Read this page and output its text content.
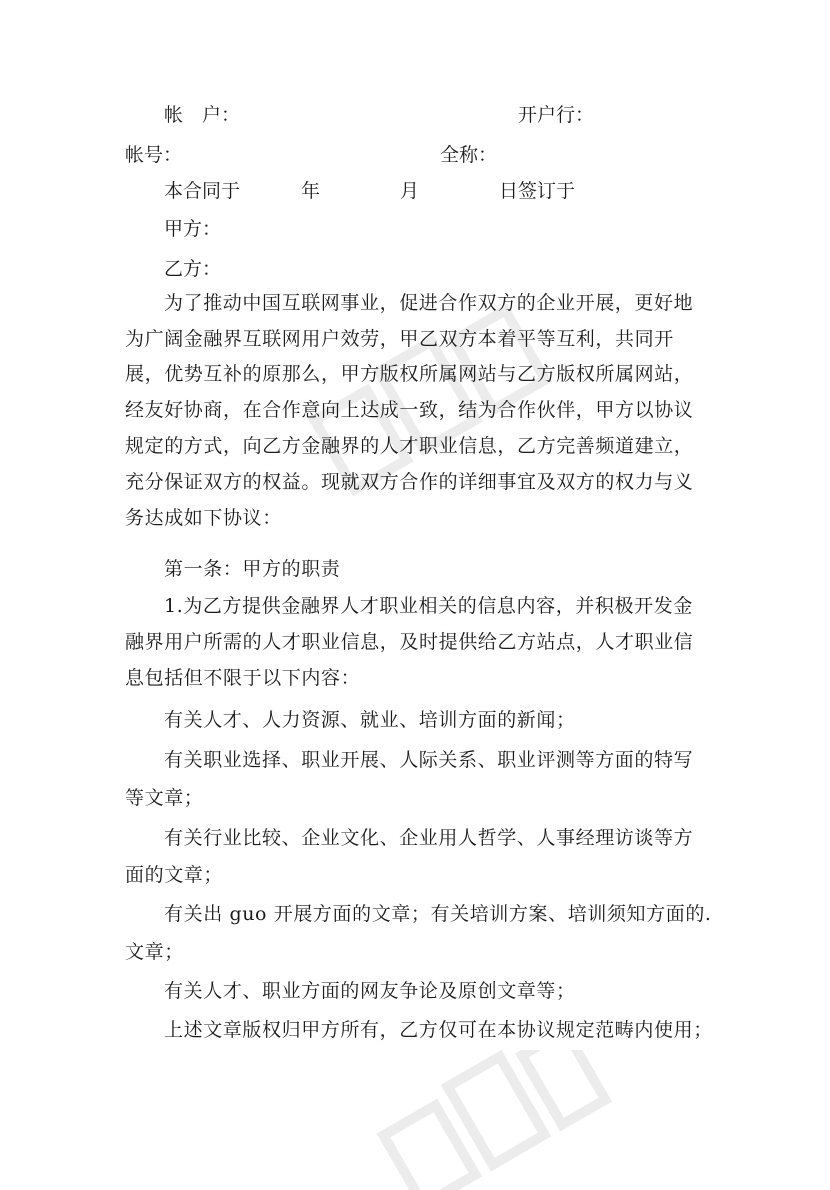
帐　户：	开户行：
帐号：	全称：
本合同于	年	月	日签订于
甲方：
乙方：
为了推动中国互联网事业，促进合作双方的企业开展，更好地
为广阔金融界互联网用户效劳，甲乙双方本着平等互利，共同开
展，优势互补的原那么，甲方版权所属网站与乙方版权所属网站，
经友好协商，在合作意向上达成一致，结为合作伙伴，甲方以协议
规定的方式，向乙方金融界的人才职业信息，乙方完善频道建立，
充分保证双方的权益。现就双方合作的详细事宜及双方的权力与义
务达成如下协议：
第一条：甲方的职责
1.为乙方提供金融界人才职业相关的信息内容，并积极开发金
融界用户所需的人才职业信息，及时提供给乙方站点，人才职业信
息包括但不限于以下内容：
有关人才、人力资源、就业、培训方面的新闻；
有关职业选择、职业开展、人际关系、职业评测等方面的特写
等文章；
有关行业比较、企业文化、企业用人哲学、人事经理访谈等方
面的文章；
有关出 guo 开展方面的文章；有关培训方案、培训须知方面的.
文章；
有关人才、职业方面的网友争论及原创文章等；
上述文章版权归甲方所有，乙方仅可在本协议规定范畴内使用；
